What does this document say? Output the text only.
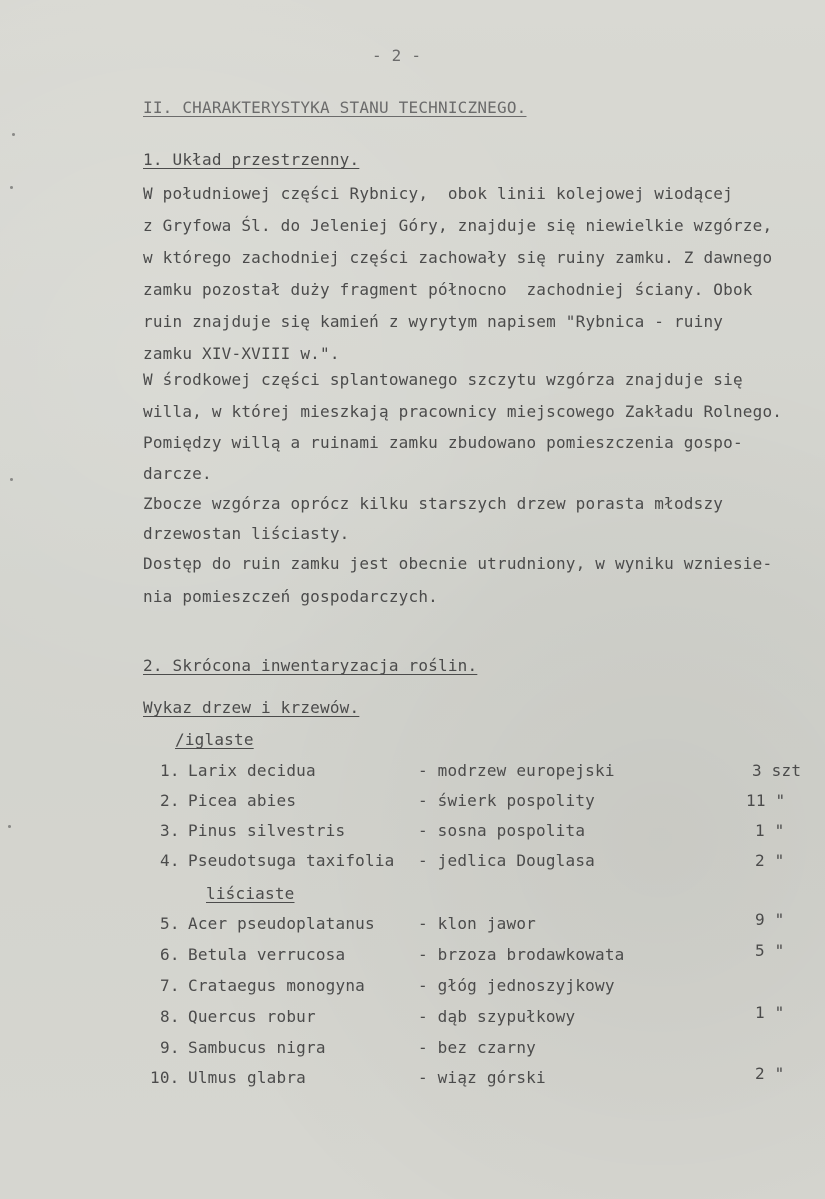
- 2 -
II. CHARAKTERYSTYKA STANU TECHNICZNEGO.
1. Układ przestrzenny.
W południowej części Rybnicy,  obok linii kolejowej wiodącej
z Gryfowa Śl. do Jeleniej Góry, znajduje się niewielkie wzgórze,
w którego zachodniej części zachowały się ruiny zamku. Z dawnego
zamku pozostał duży fragment północno  zachodniej ściany. Obok
ruin znajduje się kamień z wyrytym napisem "Rybnica - ruiny
zamku XIV-XVIII w.".
W środkowej części splantowanego szczytu wzgórza znajduje się
willa, w której mieszkają pracownicy miejscowego Zakładu Rolnego.
Pomiędzy willą a ruinami zamku zbudowano pomieszczenia gospo-
darcze.
Zbocze wzgórza oprócz kilku starszych drzew porasta młodszy
drzewostan liściasty.
Dostęp do ruin zamku jest obecnie utrudniony, w wyniku wzniesie-
nia pomieszczeń gospodarczych.
2. Skrócona inwentaryzacja roślin.
Wykaz drzew i krzewów.
/iglaste
1. Larix decidua	- modrzew europejski	3 szt
2. Picea abies	- świerk pospolity	11 "
3. Pinus silvestris	- sosna pospolita	1 "
4. Pseudotsuga taxifolia - jedlica Douglasa	2 "
liściaste
5. Acer pseudoplatanus	- klon jawor	9 "
6. Betula verrucosa	- brzoza brodawkowata	5 "
7. Crataegus monogyna	- głóg jednoszyjkowy
8. Quercus robur	- dąb szypułkowy	1 "
9. Sambucus nigra	- bez czarny
10. Ulmus glabra	- wiąz górski	2 "
